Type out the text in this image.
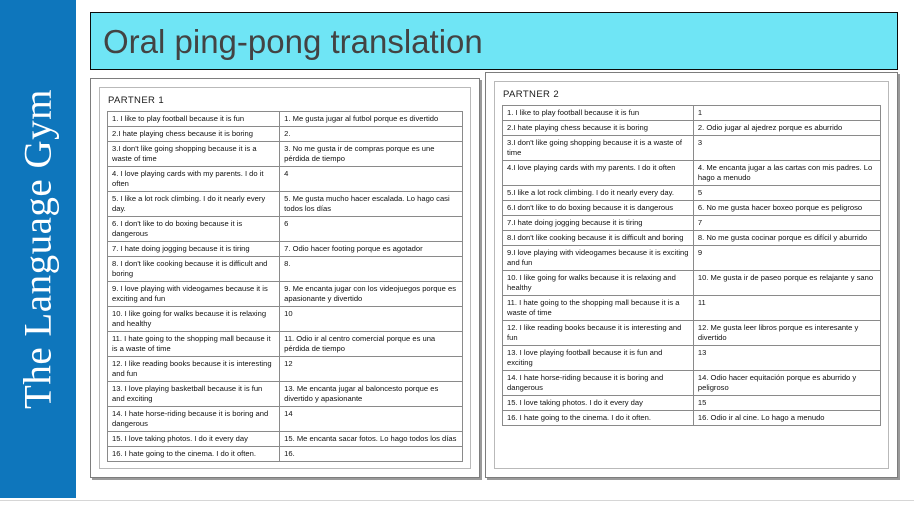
The Language Gym
Oral ping-pong translation
PARTNER 1
1. I like to play football because it is fun	1. Me gusta jugar al futbol porque es divertido
2.I hate playing chess because it is boring	2.
3.I don't like going shopping because it is a waste of time	3. No me gusta ir de compras porque es une pérdida de tiempo
4. I love playing cards with my parents. I do it often	4
5. I like a lot rock climbing. I do it nearly every day.	5. Me gusta mucho hacer escalada. Lo hago casi todos los días
6. I don't like to do boxing because it is dangerous	6
7. I hate doing jogging because it is tiring	7. Odio hacer footing porque es agotador
8. I don't like cooking because it is difficult and boring	8.
9. I love playing with videogames because it is exciting and fun	9. Me encanta jugar con los videojuegos porque es apasionante y divertido
10. I like going for walks because it is relaxing and healthy	10
11. I hate going to the shopping mall because it is a waste of time	11. Odio ir al centro comercial porque es una pérdida de tiempo
12. I like reading books because it is interesting and fun	12
13. I love playing basketball because it is fun and exciting	13. Me encanta jugar al baloncesto porque es divertido y apasionante
14. I hate horse-riding because it is boring and dangerous	14
15. I love taking photos. I do it every day	15. Me encanta sacar fotos. Lo hago todos los días
16. I hate going to the cinema. I do it often.	16.
PARTNER 2
1. I like to play football because it is fun	1
2.I hate playing chess because it is boring	2. Odio jugar al ajedrez porque es aburrido
3.I don't like going shopping because it is a waste of time	3
4.I love playing cards with my parents. I do it often	4. Me encanta jugar a las cartas con mis padres. Lo hago a menudo
5.I like a lot rock climbing. I do it nearly every day.	5
6.I don't like to do boxing because it is dangerous	6. No me gusta hacer boxeo porque es peligroso
7.I hate doing jogging because it is tiring	7
8.I don't like cooking because it is difficult and boring	8. No me gusta cocinar porque es difícil y aburrido
9.I love playing with videogames because it is exciting and fun	9
10. I like going for walks because it is relaxing and healthy	10. Me gusta ir de paseo porque es relajante y sano
11. I hate going to the shopping mall because it is a waste of time	11
12. I like reading books because it is interesting and fun	12. Me gusta leer libros porque es interesante y divertido
13. I love playing football because it is fun and exciting	13
14. I hate horse-riding because it is boring and dangerous	14. Odio hacer equitación porque es aburrido y peligroso
15. I love taking photos. I do it every day	15
16. I hate going to the cinema. I do it often.	16. Odio ir al cine. Lo hago a menudo
